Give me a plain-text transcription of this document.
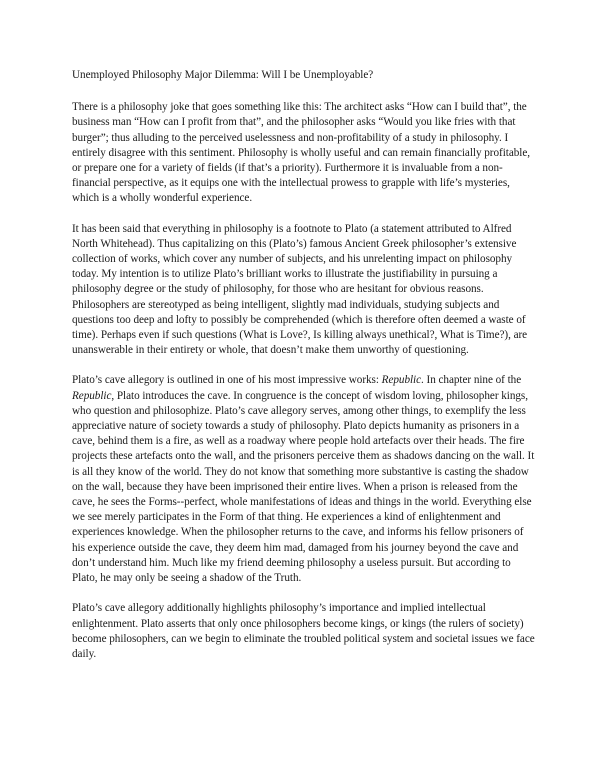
Unemployed Philosophy Major Dilemma: Will I be Unemployable?

There is a philosophy joke that goes something like this: The architect asks “How can I build that”, the business man “How can I profit from that”, and the philosopher asks “Would you like fries with that burger”; thus alluding to the perceived uselessness and non-profitability of a study in philosophy. I entirely disagree with this sentiment. Philosophy is wholly useful and can remain financially profitable, or prepare one for a variety of fields (if that’s a priority). Furthermore it is invaluable from a non-financial perspective, as it equips one with the intellectual prowess to grapple with life’s mysteries, which is a wholly wonderful experience.

It has been said that everything in philosophy is a footnote to Plato (a statement attributed to Alfred North Whitehead). Thus capitalizing on this (Plato’s) famous Ancient Greek philosopher’s extensive collection of works, which cover any number of subjects, and his unrelenting impact on philosophy today. My intention is to utilize Plato’s brilliant works to illustrate the justifiability in pursuing a philosophy degree or the study of philosophy, for those who are hesitant for obvious reasons. Philosophers are stereotyped as being intelligent, slightly mad individuals, studying subjects and questions too deep and lofty to possibly be comprehended (which is therefore often deemed a waste of time). Perhaps even if such questions (What is Love?, Is killing always unethical?, What is Time?), are unanswerable in their entirety or whole, that doesn’t make them unworthy of questioning.

Plato’s cave allegory is outlined in one of his most impressive works: Republic. In chapter nine of the Republic, Plato introduces the cave. In congruence is the concept of wisdom loving, philosopher kings, who question and philosophize. Plato’s cave allegory serves, among other things, to exemplify the less appreciative nature of society towards a study of philosophy. Plato depicts humanity as prisoners in a cave, behind them is a fire, as well as a roadway where people hold artefacts over their heads. The fire projects these artefacts onto the wall, and the prisoners perceive them as shadows dancing on the wall. It is all they know of the world. They do not know that something more substantive is casting the shadow on the wall, because they have been imprisoned their entire lives. When a prison is released from the cave, he sees the Forms--perfect, whole manifestations of ideas and things in the world. Everything else we see merely participates in the Form of that thing. He experiences a kind of enlightenment and experiences knowledge. When the philosopher returns to the cave, and informs his fellow prisoners of his experience outside the cave, they deem him mad, damaged from his journey beyond the cave and don’t understand him. Much like my friend deeming philosophy a useless pursuit. But according to Plato, he may only be seeing a shadow of the Truth.

Plato’s cave allegory additionally highlights philosophy’s importance and implied intellectual enlightenment. Plato asserts that only once philosophers become kings, or kings (the rulers of society) become philosophers, can we begin to eliminate the troubled political system and societal issues we face daily.
